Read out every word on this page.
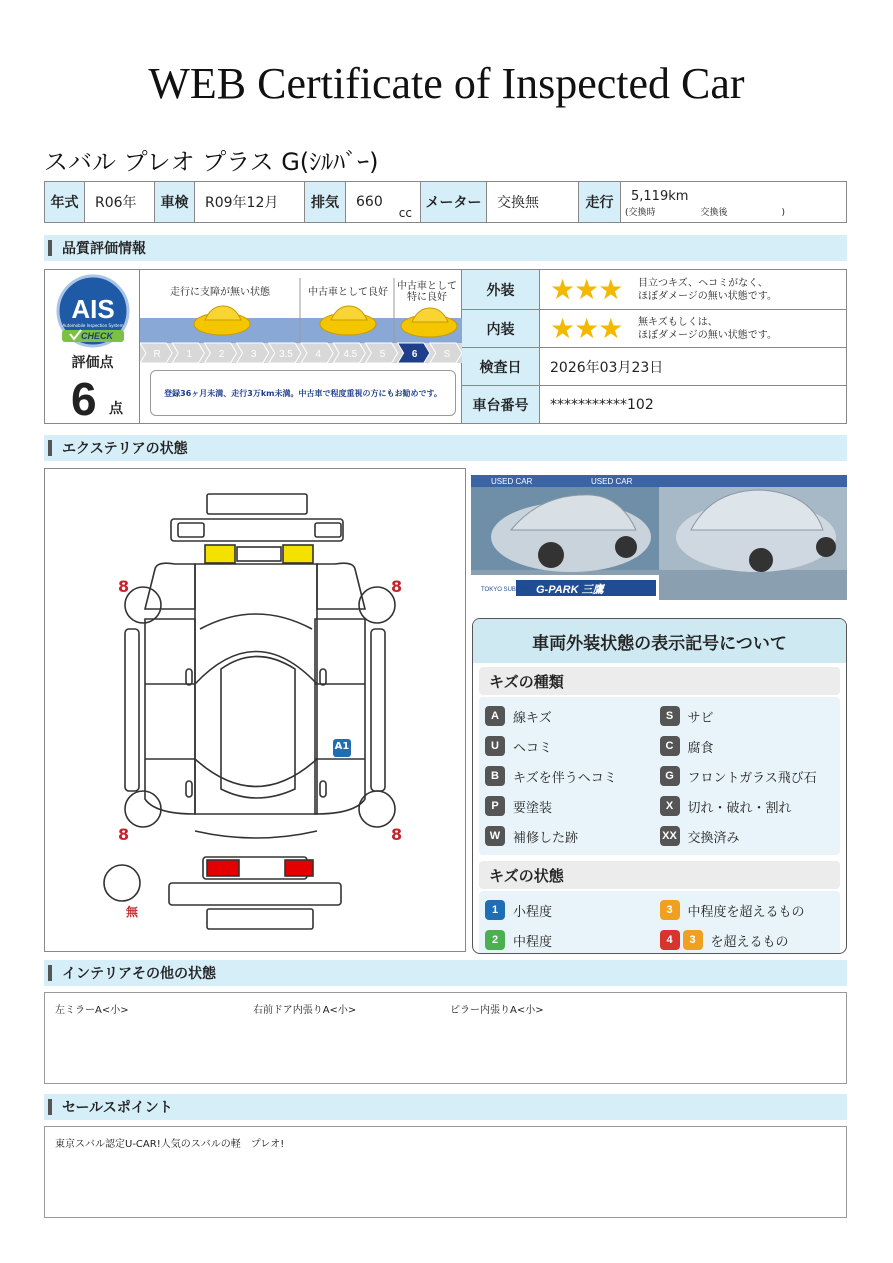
WEB Certificate of Inspected Car
スバル プレオ プラス G(ｼﾙﾊﾞｰ)
年式	R06年	車検	R09年12月	排気	660
cc
メーター	交換無	走行	5,119km
(交換時　　　　　交換後　　　　　　)
品質評価情報
AIS
Automobile Inspection System
CHECK
評価点
6 点
走行に支障が無い状態	中古車として良好
中古車として特に良好
R	1	2	3 3.5 4 4.5 5	6	S
登録36ヶ月未満、走行3万km未満。中古車で程度重視の方にもお勧めです。
外装	★★★	目立つキズ、ヘコミがなく、
ほぼダメージの無い状態です。
内装	★★★	無キズもしくは、
ほぼダメージの無い状態です。
検査日	2026年03月23日
車台番号	***********102
エクステリアの状態
8	8
8	8
無
A1
USED CAR	USED CAR
TOKYO SUBARU G-PARK 三鷹
車両外装状態の表示記号について
キズの種類
A	線キズ	S	サビ
U	ヘコミ	C	腐食
B	キズを伴うヘコミ	G	フロントガラス飛び石
P	要塗装	X	切れ・破れ・割れ
W 補修した跡	XX 交換済み
キズの状態
1	小程度	3	中程度を超えるもの
2	中程度	4	3	を超えるもの
インテリアその他の状態
左ミラーA<小>	右前ドア内張りA<小>	ピラー内張りA<小>
セールスポイント
東京スバル認定U-CAR!人気のスバルの軽　プレオ!
